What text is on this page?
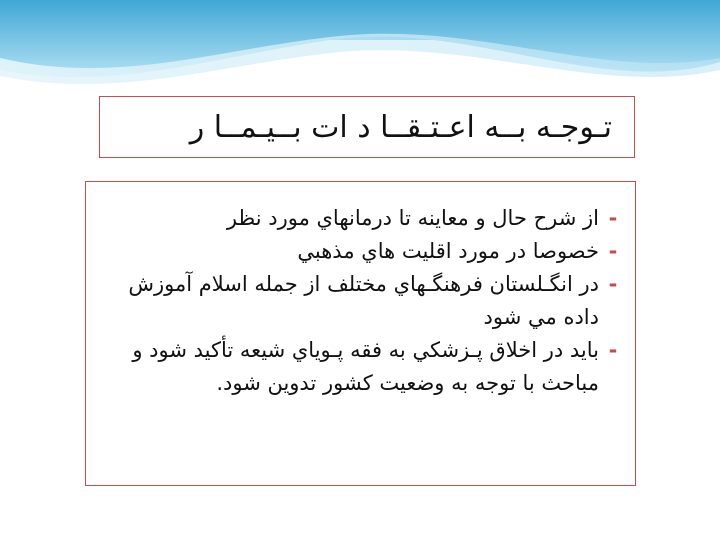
تـوجـه بــه اعـتـقــا د ات بــيـمــا ر
-
از شرح حال و معاينه تا درمانهاي مورد نظر
-
خصوصا در مورد اقليت هاي مذهبي
-
در انگـلستان فرهنگـهاي مختلف از جمله اسلام آموزش داده مي شود
-
بايد در اخلاق پـزشكي به فقه پـوياي شيعه تأكيد شود و مباحث با توجه به وضعيت كشور تدوين شود.
